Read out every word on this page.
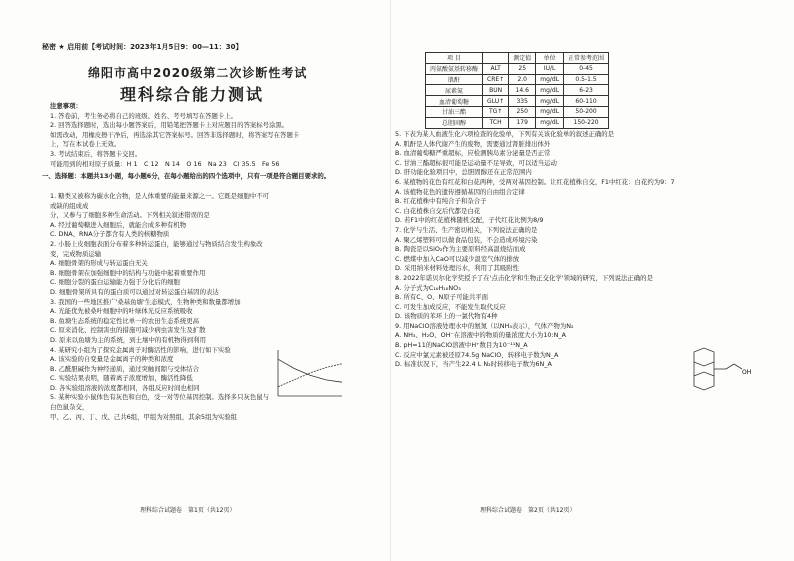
秘密 ★ 启用前【考试时间：2023年1月5日9：00—11：30】
绵阳市高中2020级第二次诊断性考试
理科综合能力测试

注意事项：

1. 答卷前，考生务必将自己的班级、姓名、考号填写在答题卡上。

2. 回答选择题时，选出每小题答案后，用铅笔把答题卡上对应题目的答案标号涂黑。

如需改动，用橡皮擦干净后，再选涂其它答案标号。回答非选择题时，将答案写在答题卡

上，写在本试卷上无效。

3. 考试结束后，将答题卡交回。

可能用到的相对原子质量：H 1　C 12　N 14　O 16　Na 23　Cl 35.5　Fe 56

一、选择题：本题共13小题，每小题6分，在每小题给出的四个选项中，只有一项是符合题目要求的。

1. 糖类又被称为碳水化合物，是人体重要的能量来源之一。它既是细胞中不可或缺的组成成

分，又参与了细胞多种生命活动。下列相关叙述错误的是

A. 经过葡萄糖进入细胞后，就能合成多种有机物

C. DNA、RNA分子都含有人类的核糖物质

2. 小肠上皮细胞表面分布着多种转运蛋白，能够通过与物质结合发生构象改变，完成物质运输

A. 细胞骨架的形成与转运蛋白无关

B. 细胞骨架在加强细胞中的结构与功能中起着重要作用

C. 细胞分裂的蛋白运输能力强于分化后的细胞

D. 细胞骨架所具有的蛋白质可以通过对转运蛋白基因的表达

3. 我国的一些地区推广'桑基鱼塘'生态模式，生物种类和数量都增加

A. 光能优先被桑叶细胞中的叶绿体光反应系统吸收

B. 鱼塘生态系统的稳定性比单一的农田生态系统更高

C. 原来消化、控制害虫的措施可减少病虫害发生及扩散

D. 原来以鱼塘为主的系统，到土壤中的有机物得到利用

4. 某研究小组为了探究金属离子对酶活性的影响，进行如下实验

A. 该实验的自变量是金属离子的种类和浓度

B. 乙酰胆碱作为神经递质，通过突触间隙与受体结合

C. 实验结果表明，随着离子浓度增加，酶活性降低

D. 各实验组溶液的浓度都相同，各组反应时间也相同

5. 某种实验小鼠体色有灰色和白色，受一对等位基因控制。选择多只灰色鼠与白色鼠杂交，

甲、乙、丙、丁、戊、己共6组，甲组为对照组，其余5组为实验组

项 目		测定值	单位	正常参考范围
丙氨酸氨基转移酶	ALT	25	IU/L	0-45
肌酐	CRE↑	2.0	mg/dL	0.5-1.5
尿素氮	BUN	14.6	mg/dL	6-23
血清葡萄糖	GLU↑	335	mg/dL	60-110
甘油三酯	TG↑	250	mg/dL	50-200
总胆固醇	TCH	179	mg/dL	150-220

5. 下表为某人血液生化六项检查的化验单，下列有关该化验单的叙述正确的是

A. 肌酐是人体代谢产生的废物，需要通过肾脏排出体外

B. 血清葡萄糖严重超标，应检测胰岛素分泌量是否正常

C. 甘油三酯超标很可能是运动量不足导致，可以适当运动

D. 肝功能化验项目中，总胆固醇还在正常范围内

6. 某植物的花色有红花和白花两种，受两对基因控制。让红花植株自交，F1中红花：白花约为9：7

A. 该植物花色的遗传遵循基因的自由组合定律

B. 红花植株中有纯合子和杂合子

C. 白花植株自交后代都是白花

D. 若F1中的红花植株随机交配，子代红花比例为8/9

7. 化学与生活、生产密切相关，下列说法正确的是

A. 聚乙烯塑料可以做食品包装，不会造成环境污染

B. 陶瓷是以SiO₂作为主要原料经高温烧结而成

C. 燃煤中加入CaO可以减少温室气体的排放

D. 采用纳米材料处理污水，利用了其吸附性

8. 2022年诺贝尔化学奖授予了在'点击化学和生物正交化学'领域的研究，下列说法正确的是

A. 分子式为C₁₆H₁₈NO₃

B. 所有C、O、N原子可能共平面

C. 可发生加成反应，不能发生取代反应

D. 该物质的苯环上的一氯代物有4种

9. 用NaClO溶液处理水中的氨氮（以NH₃表示），气体产物为N₂

A. NH₃、H₂O、OH⁻在溶液中的物质的量浓度大小为10:N_A

B. pH=11的NaClO溶液中H⁺数目为10⁻¹¹N_A

C. 反应中氯元素被还原74.5g NaClO，转移电子数为N_A

D. 标准状况下，当产生22.4 L N₂时转移电子数为6N_A

OH
理科综合试题卷　第1页（共12页）	理科综合试题卷　第2页（共12页）
